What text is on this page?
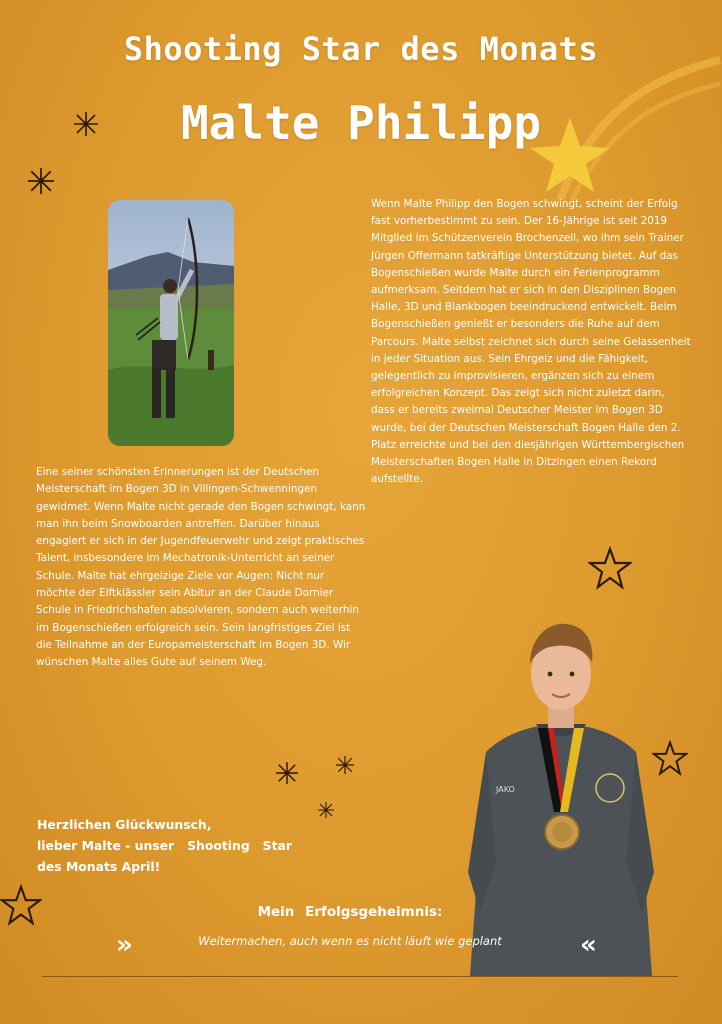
Shooting Star des Monats
Malte Philipp

Wenn Malte Philipp den Bogen schwingt, scheint der Erfolg fast vorherbestimmt zu sein. Der 16-Jährige ist seit 2019 Mitglied im Schützenverein Brochenzell, wo ihm sein Trainer Jürgen Offermann tatkräftige Unterstützung bietet. Auf das Bogenschießen wurde Malte durch ein Ferienprogramm aufmerksam. Seitdem hat er sich in den Disziplinen Bogen Halle, 3D und Blankbogen beeindruckend entwickelt. Beim Bogenschießen genießt er besonders die Ruhe auf dem Parcours. Malte selbst zeichnet sich durch seine Gelassenheit in jeder Situation aus. Sein Ehrgeiz und die Fähigkeit, gelegentlich zu improvisieren, ergänzen sich zu einem erfolgreichen Konzept. Das zeigt sich nicht zuletzt darin, dass er bereits zweimal Deutscher Meister im Bogen 3D wurde, bei der Deutschen Meisterschaft Bogen Halle den 2. Platz erreichte und bei den diesjährigen Württembergischen Meisterschaften Bogen Halle in Ditzingen einen Rekord aufstellte.

Eine seiner schönsten Erinnerungen ist der Deutschen Meisterschaft im Bogen 3D in Villingen-Schwenningen gewidmet. Wenn Malte nicht gerade den Bogen schwingt, kann man ihn beim Snowboarden antreffen. Darüber hinaus engagiert er sich in der Jugendfeuerwehr und zeigt praktisches Talent, insbesondere im Mechatronik-Unterricht an seiner Schule. Malte hat ehrgeizige Ziele vor Augen: Nicht nur möchte der Elftklässler sein Abitur an der Claude Dornier Schule in Friedrichshafen absolvieren, sondern auch weiterhin im Bogenschießen erfolgreich sein. Sein langfristiges Ziel ist die Teilnahme an der Europameisterschaft im Bogen 3D. Wir wünschen Malte alles Gute auf seinem Weg.

Herzlichen Glückwunsch,

lieber Malte - unser   Shooting   Star

des Monats April!

JAKO
Mein Erfolgsgeheimnis:
Weitermachen, auch wenn es nicht läuft wie geplant
»	«
